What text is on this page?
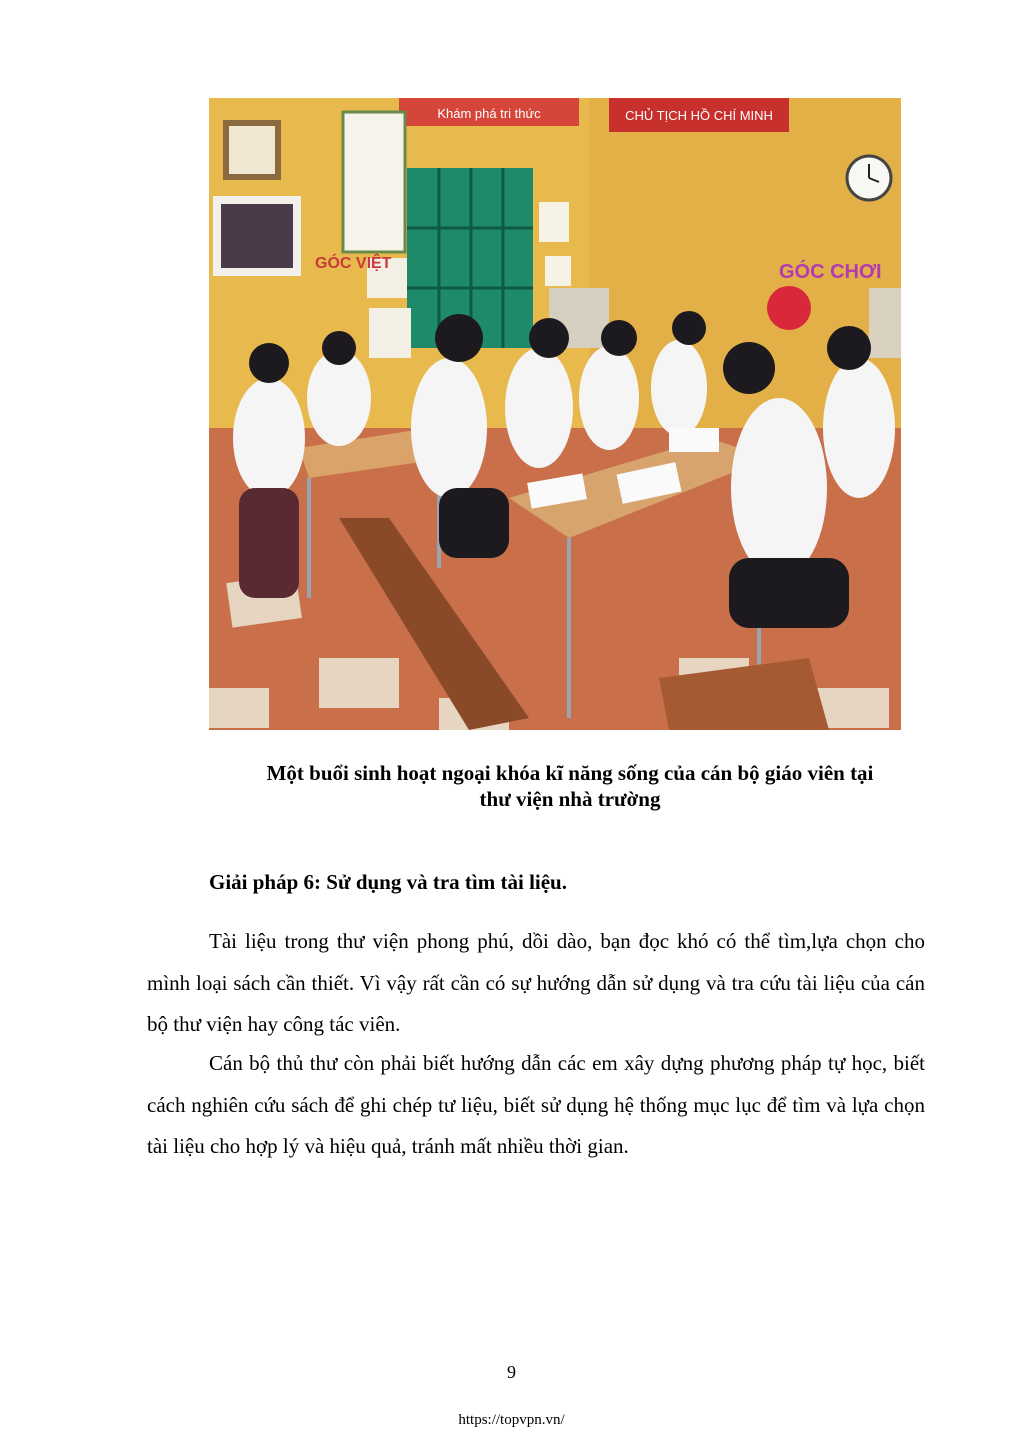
Khám phá tri thức	CHỦ TỊCH HỒ CHÍ MINH
GÓC VIỆT	GÓC CHƠI
Một buổi sinh hoạt ngoại khóa kĩ năng sống của cán bộ giáo viên tại
thư viện nhà trường
Giải pháp 6: Sử dụng và tra tìm tài liệu.

Tài liệu trong thư viện phong phú, dồi dào, bạn đọc khó có thể tìm,lựa chọn cho mình loại sách cần thiết. Vì vậy rất cần có sự hướng dẫn sử dụng và tra cứu tài liệu của cán bộ thư viện hay công tác viên.

Cán bộ thủ thư còn phải biết hướng dẫn các em xây dựng phương pháp tự học, biết cách nghiên cứu sách để ghi chép tư liệu, biết sử dụng hệ thống mục lục để tìm và lựa chọn tài liệu cho hợp lý và hiệu quả, tránh mất nhiều thời gian.

9
https://topvpn.vn/
